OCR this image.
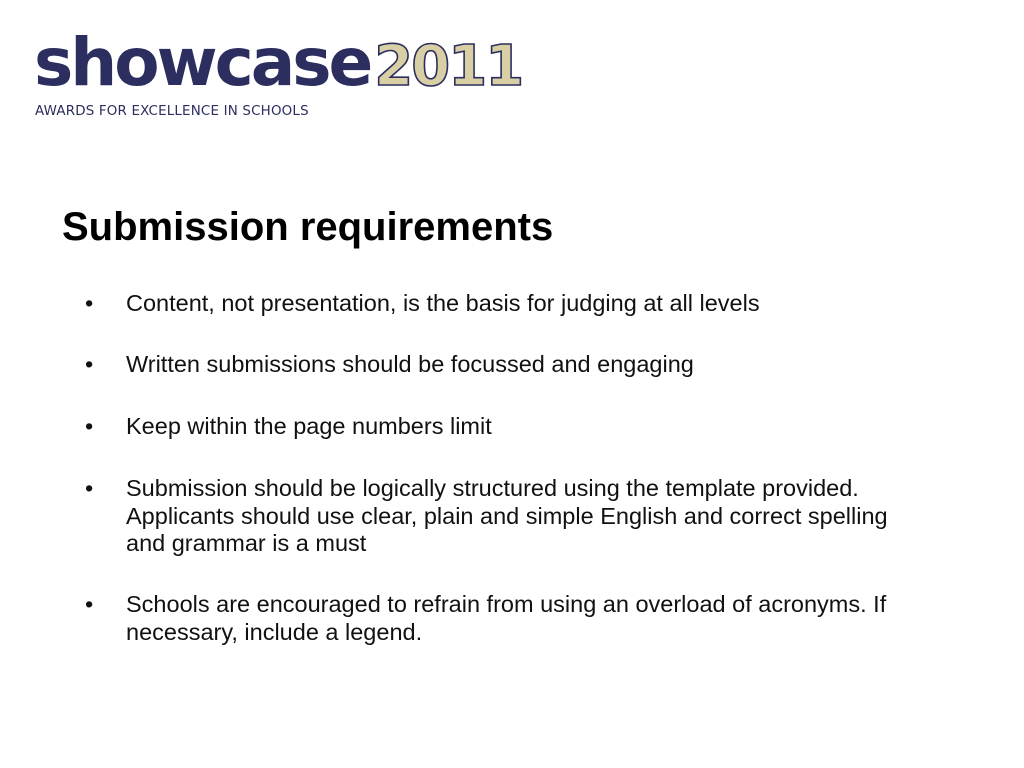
showcase2011
AWARDS FOR EXCELLENCE IN SCHOOLS
Submission requirements
•	Content, not presentation, is the basis for judging at all levels
•	Written submissions should be focussed and engaging
•	Keep within the page numbers limit
•	Submission should be logically structured using the template provided. Applicants should use clear, plain and simple English and correct spelling and grammar is a must
•	Schools are encouraged to refrain from using an overload of acronyms. If necessary, include a legend.
